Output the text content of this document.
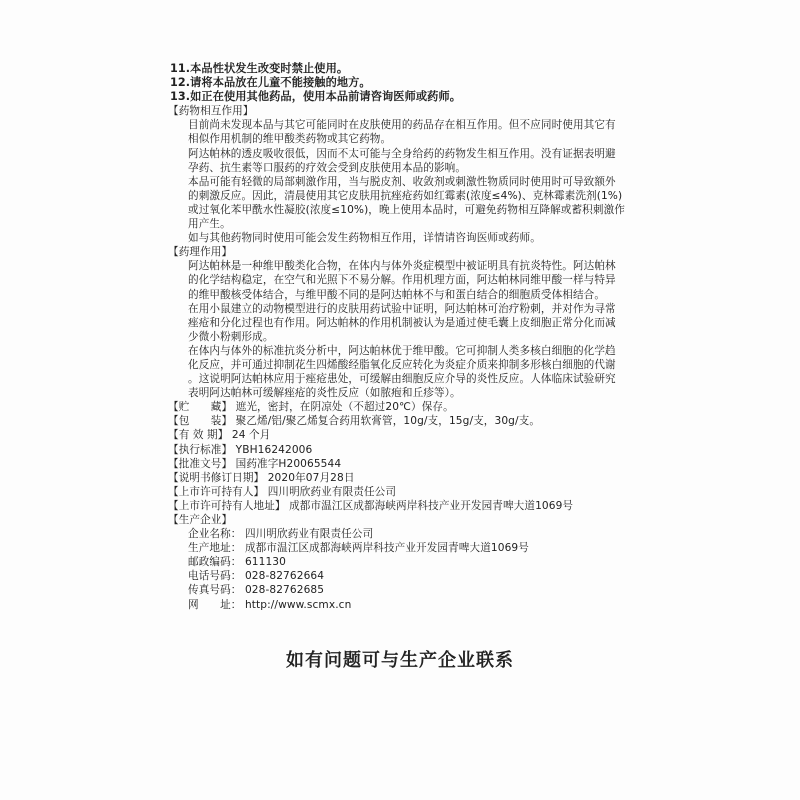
11.本品性状发生改变时禁止使用。
12.请将本品放在儿童不能接触的地方。
13.如正在使用其他药品，使用本品前请咨询医师或药师。
【药物相互作用】
目前尚未发现本品与其它可能同时在皮肤使用的药品存在相互作用。但不应同时使用其它有
相似作用机制的维甲酸类药物或其它药物。
阿达帕林的透皮吸收很低，因而不太可能与全身给药的药物发生相互作用。没有证据表明避
孕药、抗生素等口服药的疗效会受到皮肤使用本品的影响。
本品可能有轻微的局部刺激作用，当与脱皮剂、收敛剂或刺激性物质同时使用时可导致额外
的刺激反应。因此，清晨使用其它皮肤用抗痤疮药如红霉素(浓度≤4%)、克林霉素洗剂(1%)
或过氧化苯甲酰水性凝胶(浓度≤10%)，晚上使用本品时，可避免药物相互降解或蓄积刺激作
用产生。
如与其他药物同时使用可能会发生药物相互作用，详情请咨询医师或药师。
【药理作用】
阿达帕林是一种维甲酸类化合物，在体内与体外炎症模型中被证明具有抗炎特性。阿达帕林
的化学结构稳定，在空气和光照下不易分解。作用机理方面，阿达帕林同维甲酸一样与特异
的维甲酸核受体结合，与维甲酸不同的是阿达帕林不与和蛋白结合的细胞质受体相结合。
在用小鼠建立的动物模型进行的皮肤用药试验中证明，阿达帕林可治疗粉刺，并对作为寻常
痤疮和分化过程也有作用。阿达帕林的作用机制被认为是通过使毛囊上皮细胞正常分化而减
少微小粉刺形成。
在体内与体外的标准抗炎分析中，阿达帕林优于维甲酸。它可抑制人类多核白细胞的化学趋
化反应，并可通过抑制花生四烯酸经脂氧化反应转化为炎症介质来抑制多形核白细胞的代谢
。这说明阿达帕林应用于痤疮患处，可缓解由细胞反应介导的炎性反应。人体临床试验研究
表明阿达帕林可缓解痤疮的炎性反应（如脓疱和丘疹等）。
【贮　　藏】 遮光，密封，在阴凉处（不超过20℃）保存。
【包　　装】 聚乙烯/铝/聚乙烯复合药用软膏管，10g/支，15g/支，30g/支。
【有 效 期】 24 个月
【执行标准】 YBH16242006
【批准文号】 国药准字H20065544
【说明书修订日期】 2020年07月28日
【上市许可持有人】 四川明欣药业有限责任公司
【上市许可持有人地址】 成都市温江区成都海峡两岸科技产业开发园青啤大道1069号
【生产企业】
企业名称： 四川明欣药业有限责任公司
生产地址： 成都市温江区成都海峡两岸科技产业开发园青啤大道1069号
邮政编码： 611130
电话号码： 028-82762664
传真号码： 028-82762685
网　　址： http://www.scmx.cn
如有问题可与生产企业联系
